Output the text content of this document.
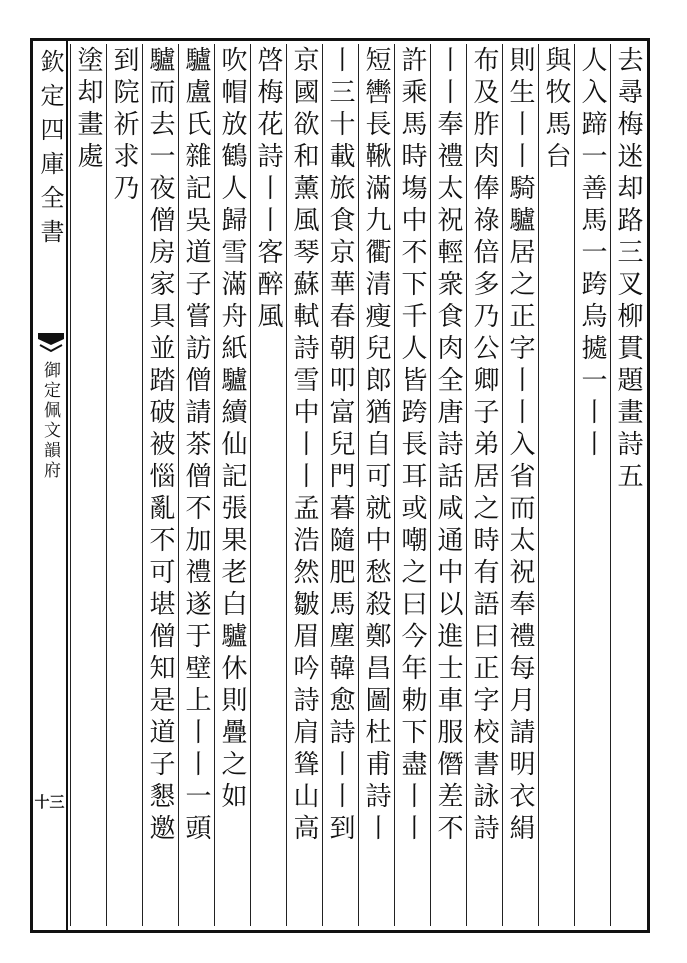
欽定四庫全書
御定佩文韻府
十三
去尋梅迷却路三叉柳貫題畫詩五
人入蹄一善馬一跨烏㨿一丨丨
與牧馬台
則生丨丨騎驢居之正字丨丨入省而太祝奉禮每月請明衣絹
布及胙肉俸祿倍多乃公卿子弟居之時有語曰正字校書詠詩
丨丨奉禮太祝輕衆食肉全唐詩話咸通中以進士車服僭差不
許乘馬時塲中不下千人皆跨長耳或嘲之曰今年勅下盡丨丨
短轡長鞦滿九衢清瘦兒郎猶自可就中愁殺鄭昌圖杜甫詩丨
丨三十載旅食京華春朝叩富兒門暮隨肥馬塵韓愈詩丨丨到
京國欲和薰風琴蘇軾詩雪中丨丨孟浩然皺眉吟詩肩聳山高
啓梅花詩丨丨客醉風
吹帽放鶴人歸雪滿舟紙驢續仙記張果老白驢休則疊之如
驢盧氏雜記吳道子嘗訪僧請茶僧不加禮遂于壁上丨丨一頭
驢而去一夜僧房家具並踏破被惱亂不可堪僧知是道子懇邀
到院祈求乃
塗却畫處
